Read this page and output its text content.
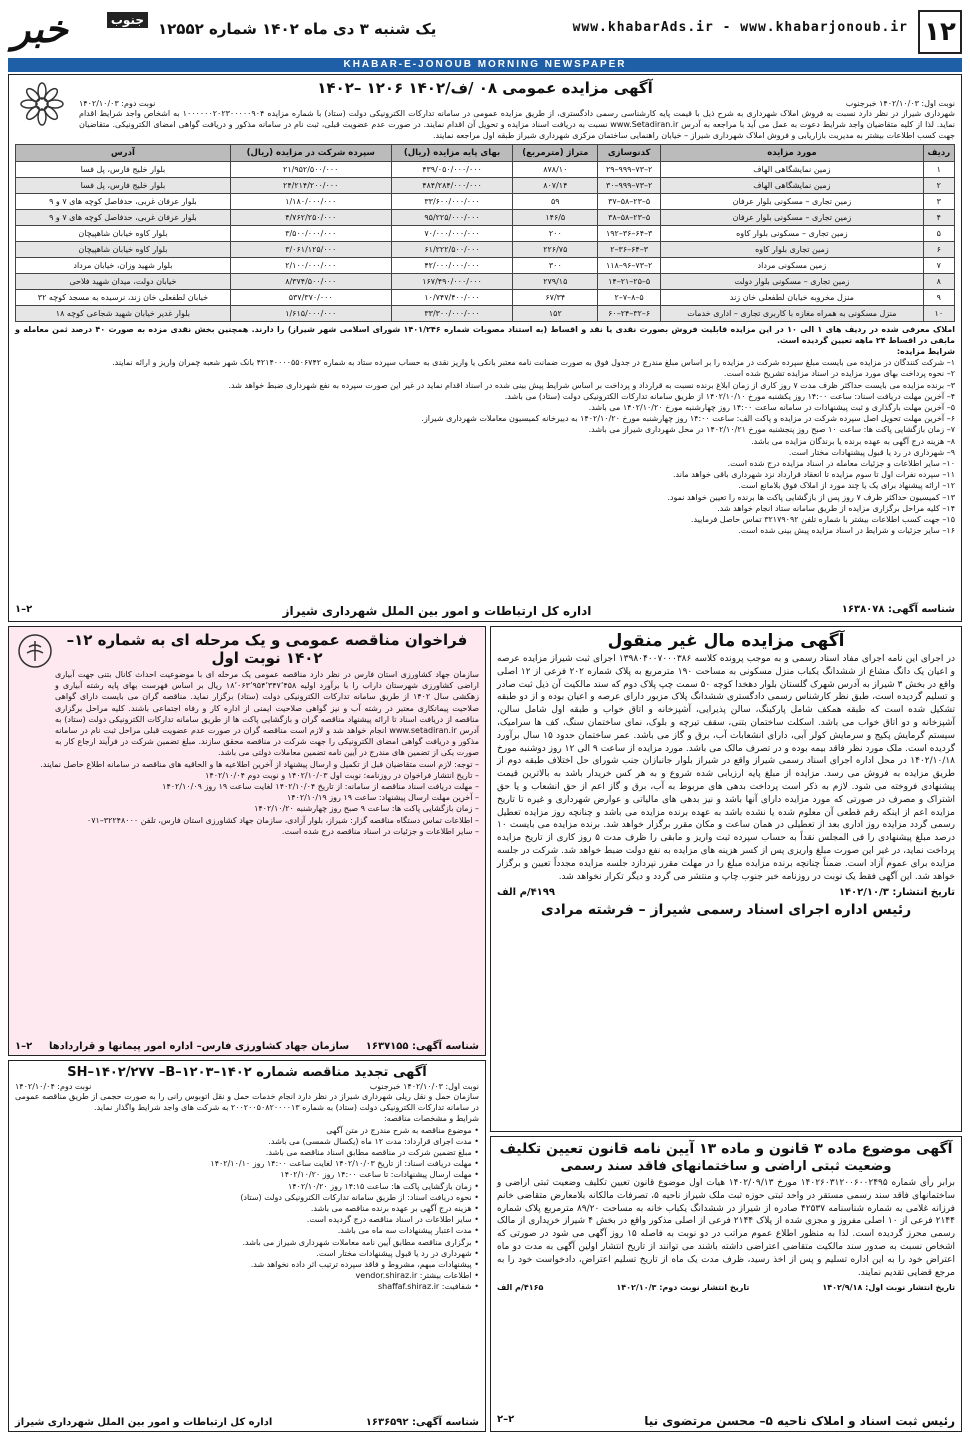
۱۲
www.khabarAds.ir - www.khabarjonoub.ir
یک شنبه ۳ دی ماه ۱۴۰۲ شماره ۱۲۵۵۲
خبر	جنوب
KHABAR-E-JONOUB MORNING NEWSPAPER
آگهی مزایده عمومی ۰۸ /ف/۱۴۰۲ ۱۲۰۶ –۱۴۰۲
نوبت اول: ۱۴۰۲/۱۰/۰۳ خبرجنوب
نوبت دوم: ۱۴۰۲/۱۰/۰۳

شهرداری شیراز در نظر دارد نسبت به فروش املاک شهرداری به شرح ذیل با قیمت پایه کارشناسی رسمی دادگستری، از طریق مزایده عمومی در سامانه تدارکات الکترونیکی دولت (ستاد) با شماره مزایده ۱۰۰۰۰۰۰۲۰۲۳۰۰۰۰۰۹۰۴ به اشخاص واجد شرایط اقدام نماید. لذا از کلیه متقاضیان واجد شرایط دعوت به عمل می آید با مراجعه به آدرس www.Setadiran.ir نسبت به دریافت اسناد مزایده و تحویل آن اقدام نمایند. در صورت عدم عضویت قبلی، ثبت نام در سامانه مذکور و دریافت گواهی امضای الکترونیکی. متقاضیان جهت کسب اطلاعات بیشتر به مدیریت بازاریابی و فروش املاک شهرداری شیراز – خیابان راهنمایی ساختمان مرکزی شهرداری شیراز طبقه اول مراجعه نمایند.

ردیف	مورد مزایده	کدنوسازی	متراژ (مترمربع)	بهای پایه مزایده (ریال)	سپرده شرکت در مزایده (ریال)	آدرس
۱	زمین نمایشگاهی الهاف	۲–۷۳–۹۹۹–۲۹	۸۷۸/۱۰	۴۳۹/۰۵۰/۰۰۰/۰۰۰	۲۱/۹۵۲/۵۰۰/۰۰۰	بلوار خلیج فارس، پل فسا
۲	زمین نمایشگاهی الهاف	۲–۷۳–۹۹۹–۳۰	۸۰۷/۱۴	۴۸۴/۲۸۴/۰۰۰/۰۰۰	۲۴/۲۱۴/۲۰۰/۰۰۰	بلوار خلیج فارس، پل فسا
۳	زمین تجاری – مسکونی بلوار عرفان	۵–۲۳–۵۸–۳۷	۵۹	۳۳/۶۰۰/۰۰۰/۰۰۰	۱/۱۸۰/۰۰۰/۰۰۰	بلوار عرفان غربی، حدفاصل کوچه های ۷ و ۹
۴	زمین تجاری – مسکونی بلوار عرفان	۵–۲۳–۵۸–۳۸	۱۴۶/۵	۹۵/۲۲۵/۰۰۰/۰۰۰	۴/۷۶۲/۲۵۰/۰۰۰	بلوار عرفان غربی، حدفاصل کوچه های ۷ و ۹
۵	زمین تجاری – مسکونی بلوار کاوه	۳–۶۴–۳۶–۱۹۲	۲۰۰	۷۰/۰۰۰/۰۰۰/۰۰۰	۳/۵۰۰/۰۰۰/۰۰۰	بلوار کاوه خیابان شاهپیچان
۶	زمین تجاری بلوار کاوه	۳–۶۴–۳۶–۲	۲۲۶/۷۵	۶۱/۲۲۲/۵۰۰/۰۰۰	۳/۰۶۱/۱۲۵/۰۰۰	بلوار کاوه خیابان شاهپیچان
۷	زمین مسکونی مرداد	۲–۷۳–۹۶–۱۱۸	۳۰۰	۴۲/۰۰۰/۰۰۰/۰۰۰	۲/۱۰۰/۰۰۰/۰۰۰	بلوار شهید وزان، خیابان مرداد
۸	زمین تجاری – مسکونی بلوار دولت	۵–۲۵–۲۱–۱۴	۲۷۹/۱۵	۱۶۷/۴۹۰/۰۰۰/۰۰۰	۸/۳۷۴/۵۰۰/۰۰۰	خیابان دولت، میدان شهید فلاحی
۹	منزل مخروبه خیابان لطفعلی خان زند	۵–۸–۷–۲	۶۷/۳۴	۱۰/۷۴۷/۴۰۰/۰۰۰	۵۳۷/۳۷۰/۰۰۰	خیابان لطفعلی خان زند، نرسیده به مسجد کوچه ۳۲
۱۰	منزل مسکونی به همراه مغازه با کاربری تجاری – اداری خدمات	۶–۳۲–۲۴–۶۰	۱۵۲	۳۳/۳۰۰/۰۰۰/۰۰۰	۱/۶۱۵/۰۰۰/۰۰۰	بلوار غدیر خیابان شهید شجاعی کوچه ۱۸

املاک معرفی شده در ردیف های ۱ الی ۱۰ در این مزایده قابلیت فروش بصورت نقدی یا نقد و اقساط (به استناد مصوبات شماره ۱۴۰۱/۲۴۶ شورای اسلامی شهر شیراز) را دارند. همچنین بخش نقدی مزده به صورت ۴۰ درصد ثمن معامله و مابقی در اقساط ۲۴ ماهه تعیین گردیده است.

شرایط مزایده:

۱– شرکت کنندگان در مزایده می بایست مبلغ سپرده شرکت در مزایده را بر اساس مبلغ مندرج در جدول فوق به صورت ضمانت نامه معتبر بانکی یا واریز نقدی به حساب سپرده ستاد به شماره ۴۲۱۴۰۰۰۰۵۵۰۶۷۴۲ بانک شهر شعبه چمران واریز و ارائه نمایند.

۲– نحوه پرداخت بهای مورد مزایده در اسناد مزایده تشریح شده است.

۳– برنده مزایده می بایست حداکثر ظرف مدت ۷ روز کاری از زمان ابلاغ برنده نسبت به قرارداد و پرداخت بر اساس شرایط پیش بینی شده در اسناد اقدام نماید در غیر این صورت سپرده به نفع شهرداری ضبط خواهد شد.

۴– آخرین مهلت دریافت اسناد: ساعت ۱۴:۰۰ روز یکشنبه مورخ ۱۴۰۲/۱۰/۱۰ از طریق سامانه تدارکات الکترونیکی دولت (ستاد) می باشد.

۵– آخرین مهلت بارگذاری و ثبت پیشنهادات در سامانه ساعت ۱۴:۰۰ روز چهارشنبه مورخ ۱۴۰۲/۱۰/۲۰ می باشد.

۶– آخرین مهلت تحویل اصل سپرده شرکت در مزایده و پاکت الف: ساعت ۱۴:۰۰ روز چهارشنبه مورخ ۱۴۰۲/۱۰/۲۰ به دبیرخانه کمیسیون معاملات شهرداری شیراز.

۷– زمان بازگشایی پاکت ها: ساعت ۱۰ صبح روز پنجشنبه مورخ ۱۴۰۲/۱۰/۲۱ در محل شهرداری شیراز می باشد.

۸– هزینه درج آگهی به عهده برنده یا برندگان مزایده می باشد.

۹– شهرداری در رد یا قبول پیشنهادات مختار است.

۱۰– سایر اطلاعات و جزئیات معامله در اسناد مزایده درج شده است.

۱۱– سپرده نفرات اول تا سوم مزایده تا انعقاد قرارداد نزد شهرداری باقی خواهد ماند.

۱۲– ارائه پیشنهاد برای یک یا چند مورد از املاک فوق بلامانع است.

۱۳– کمیسیون حداکثر ظرف ۷ روز پس از بازگشایی پاکت ها برنده را تعیین خواهد نمود.

۱۴– کلیه مراحل برگزاری مزایده از طریق سامانه ستاد انجام خواهد شد.

۱۵– جهت کسب اطلاعات بیشتر با شماره تلفن ۳۲۱۷۹۰۹۲ تماس حاصل فرمایید.

۱۶– سایر جزئیات و شرایط در اسناد مزایده پیش بینی شده است.

شناسه آگهی: ۱۶۳۸۰۷۸
اداره کل ارتباطات و امور بین الملل شهرداری شیراز
۲–۱
آگهی مزایده مال غیر منقول

در اجرای این نامه اجرای مفاد اسناد رسمی و به موجب پرونده کلاسه ۱۳۹۸۰۴۰۰۷۰۰۰۳۸۶ اجرای ثبت شیراز مزایده عرصه و اعیان یک دانگ مشاع از ششدانگ یکباب منزل مسکونی به مساحت ۱۹۰ مترمربع به پلاک شماره ۲۰۲ فرعی از ۱۲ اصلی واقع در بخش ۳ شیراز به آدرس شهرک گلستان بلوار دهخدا کوچه ۵۰ سمت چپ پلاک دوم که سند مالکیت آن ذیل ثبت صادر و تسلیم گردیده است، طبق نظر کارشناس رسمی دادگستری ششدانگ پلاک مزبور دارای عرصه و اعیان بوده و از دو طبقه تشکیل شده است که طبقه همکف شامل پارکینگ، سالن پذیرایی، آشپزخانه و اتاق خواب و طبقه اول شامل سالن، آشپزخانه و دو اتاق خواب می باشد. اسکلت ساختمان بتنی، سقف تیرچه و بلوک، نمای ساختمان سنگ، کف ها سرامیک، سیستم گرمایش پکیج و سرمایش کولر آبی، دارای انشعابات آب، برق و گاز می باشد. عمر ساختمان حدود ۱۵ سال برآورد گردیده است. ملک مورد نظر فاقد بیمه بوده و در تصرف مالک می باشد. مورد مزایده از ساعت ۹ الی ۱۲ روز دوشنبه مورخ ۱۴۰۲/۱۰/۱۸ در محل اداره اجرای اسناد رسمی شیراز واقع در شیراز بلوار جانبازان جنب شورای حل اختلاف طبقه دوم از طریق مزایده به فروش می رسد. مزایده از مبلغ پایه ارزیابی شده شروع و به هر کس خریدار باشد به بالاترین قیمت پیشنهادی فروخته می شود. لازم به ذکر است پرداخت بدهی های مربوط به آب، برق و گاز اعم از حق انشعاب و یا حق اشتراک و مصرف در صورتی که مورد مزایده دارای آنها باشد و نیز بدهی های مالیاتی و عوارض شهرداری و غیره تا تاریخ مزایده اعم از اینکه رقم قطعی آن معلوم شده یا نشده باشد به عهده برنده مزایده می باشد و چنانچه روز مزایده تعطیل رسمی گردد مزایده روز اداری بعد از تعطیلی در همان ساعت و مکان مقرر برگزار خواهد شد. برنده مزایده می بایست ۱۰ درصد مبلغ پیشنهادی را فی المجلس نقداً به حساب سپرده ثبت واریز و مابقی را ظرف مدت ۵ روز کاری از تاریخ مزایده پرداخت نماید، در غیر این صورت مبلغ واریزی پس از کسر هزینه های مزایده به نفع دولت ضبط خواهد شد. شرکت در جلسه مزایده برای عموم آزاد است. ضمناً چنانچه برنده مزایده مبلغ را در مهلت مقرر نپردازد جلسه مزایده مجدداً تعیین و برگزار خواهد شد. این آگهی فقط یک نوبت در روزنامه خبر جنوب چاپ و منتشر می گردد و دیگر تکرار نخواهد شد.

تاریخ انتشار: ۱۴۰۲/۱۰/۳
۴۱۹۹/م الف
رئیس اداره اجرای اسناد رسمی شیراز – فرشته مرادی
آگهی موضوع ماده ۳ قانون و ماده ۱۳ آیین نامه قانون تعیین تکلیف
وضعیت ثبتی اراضی و ساختمانهای فاقد سند رسمی

برابر رأی شماره ۱۴۰۲۶۰۳۱۲۰۰۶۰۰۲۴۹۵ مورخ ۱۴۰۲/۰۹/۱۳ هیات اول موضوع قانون تعیین تکلیف وضعیت ثبتی اراضی و ساختمانهای فاقد سند رسمی مستقر در واحد ثبتی حوزه ثبت ملک شیراز ناحیه ۵، تصرفات مالکانه بلامعارض متقاضی خانم فرزانه غلامی به شماره شناسنامه ۴۲۵۳۷ صادره از شیراز در ششدانگ یکباب خانه به مساحت ۸۹/۲۰ مترمربع پلاک شماره ۲۱۴۴ فرعی از ۱۰ اصلی مفروز و مجزی شده از پلاک ۲۱۴۴ فرعی از اصلی مذکور واقع در بخش ۴ شیراز خریداری از مالک رسمی محرز گردیده است. لذا به منظور اطلاع عموم مراتب در دو نوبت به فاصله ۱۵ روز آگهی می شود در صورتی که اشخاص نسبت به صدور سند مالکیت متقاضی اعتراضی داشته باشند می توانند از تاریخ انتشار اولین آگهی به مدت دو ماه اعتراض خود را به این اداره تسلیم و پس از اخذ رسید، ظرف مدت یک ماه از تاریخ تسلیم اعتراض، دادخواست خود را به مرجع قضایی تقدیم نمایند.

تاریخ انتشار نوبت اول: ۱۴۰۲/۹/۱۸
تاریخ انتشار نوبت دوم: ۱۴۰۲/۱۰/۳
۴۱۶۵/م الف
رئیس ثبت اسناد و املاک ناحیه ۵– محسن مرتضوی نیا
۲–۲
فراخوان مناقصه عمومی و یک مرحله ای به شماره ۱۲–۱۴۰۲ نوبت اول

سازمان جهاد کشاورزی استان فارس در نظر دارد مناقصه عمومی یک مرحله ای با موضوعیت احداث کانال بتنی جهت آبیاری اراضی کشاورزی شهرستان داراب را با برآورد اولیه ۱۸٬۰۶۳٬۹۵۴٬۳۴۷٬۴۵۸ ریال بر اساس فهرست بهای پایه رشته آبیاری و زهکشی سال ۱۴۰۲ از طریق سامانه تدارکات الکترونیکی دولت (ستاد) برگزار نماید. مناقصه گران می بایست دارای گواهی صلاحیت پیمانکاری معتبر در رشته آب و نیز گواهی صلاحیت ایمنی از اداره کار و رفاه اجتماعی باشند. کلیه مراحل برگزاری مناقصه از دریافت اسناد تا ارائه پیشنهاد مناقصه گران و بازگشایی پاکت ها از طریق سامانه تدارکات الکترونیکی دولت (ستاد) به آدرس www.setadiran.ir انجام خواهد شد و لازم است مناقصه گران در صورت عدم عضویت قبلی مراحل ثبت نام در سامانه مذکور و دریافت گواهی امضای الکترونیکی را جهت شرکت در مناقصه محقق سازند. مبلغ تضمین شرکت در فرآیند ارجاع کار به صورت یکی از تضمین های مندرج در آیین نامه تضمین معاملات دولتی می باشد.

– توجه: لازم است متقاضیان قبل از تکمیل و ارسال پیشنهاد از آخرین اطلاعیه ها و الحاقیه های مناقصه در سامانه اطلاع حاصل نمایند.

– تاریخ انتشار فراخوان در روزنامه: نوبت اول ۱۴۰۲/۱۰/۰۳ و نوبت دوم ۱۴۰۲/۱۰/۰۴

– مهلت دریافت اسناد مناقصه از سامانه: از تاریخ ۱۴۰۲/۱۰/۰۴ لغایت ساعت ۱۹ روز ۱۴۰۲/۱۰/۰۹

– آخرین مهلت ارسال پیشنهاد: ساعت ۱۹ روز ۱۴۰۲/۱۰/۱۹

– زمان بازگشایی پاکت ها: ساعت ۹ صبح روز چهارشنبه ۱۴۰۲/۱۰/۲۰

– اطلاعات تماس دستگاه مناقصه گزار: شیراز، بلوار آزادی، سازمان جهاد کشاورزی استان فارس، تلفن ۳۲۲۴۸۰۰۰–۰۷۱

– سایر اطلاعات و جزئیات در اسناد مناقصه درج شده است.

شناسه آگهی: ۱۶۳۷۱۵۵
سازمان جهاد کشاورزی فارس– اداره امور پیمانها و قراردادها
۲–۱
آگهی تجدید مناقصه شماره SH–۱۴۰۲/۲۷۷ –B–۱۲۰۳–۱۴۰۲
نوبت اول: ۱۴۰۲/۱۰/۰۳ خبرجنوب
نوبت دوم: ۱۴۰۲/۱۰/۰۴

سازمان حمل و نقل ریلی شهرداری شیراز در نظر دارد انجام خدمات حمل و نقل اتوبوس رانی را به صورت حجمی از طریق مناقصه عمومی در سامانه تدارکات الکترونیکی دولت (ستاد) به شماره ۲۰۰۲۰۰۵۰۸۲۰۰۰۰۱۳ به شرکت های واجد شرایط واگذار نماید.

شرایط و مشخصات مناقصه:

• موضوع مناقصه به شرح مندرج در متن آگهی

• مدت اجرای قرارداد: مدت ۱۲ ماه (یکسال شمسی) می باشد.

• مبلغ تضمین شرکت در مناقصه مطابق اسناد مناقصه می باشد.

• مهلت دریافت اسناد: از تاریخ ۱۴۰۲/۱۰/۰۳ لغایت ساعت ۱۴:۰۰ روز ۱۴۰۲/۱۰/۱۰

• مهلت ارسال پیشنهادات: تا ساعت ۱۴:۰۰ روز ۱۴۰۲/۱۰/۲۰

• زمان بازگشایی پاکت ها: ساعت ۱۴:۱۵ روز ۱۴۰۲/۱۰/۲۰

• نحوه دریافت اسناد: از طریق سامانه تدارکات الکترونیکی دولت (ستاد)

• هزینه درج آگهی بر عهده برنده مناقصه می باشد.

• سایر اطلاعات در اسناد مناقصه درج گردیده است.

• مدت اعتبار پیشنهادات سه ماه می باشد.

• برگزاری مناقصه مطابق آیین نامه معاملات شهرداری شیراز می باشد.

• شهرداری در رد یا قبول پیشنهادات مختار است.

• پیشنهادات مبهم، مشروط و فاقد سپرده ترتیب اثر داده نخواهد شد.

• اطلاعات بیشتر: vendor.shiraz.ir

• شفافیت: shaffaf.shiraz.ir

شناسه آگهی: ۱۶۳۶۵۹۲
اداره کل ارتباطات و امور بین الملل شهرداری شیراز
